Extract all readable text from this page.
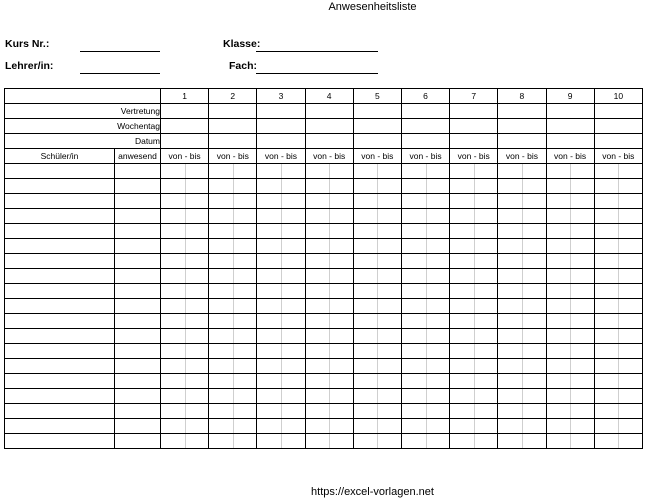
Anwesenheitsliste
Kurs Nr.:
Lehrer/in:
Klasse:
Fach:
		1	2	3	4	5	6	7	8	9	10
Vertretung											
Wochentag											
Datum											
Schüler/in	anwesend	von - bis	von - bis	von - bis	von - bis	von - bis	von - bis	von - bis	von - bis	von - bis	von - bis

https://excel-vorlagen.net
